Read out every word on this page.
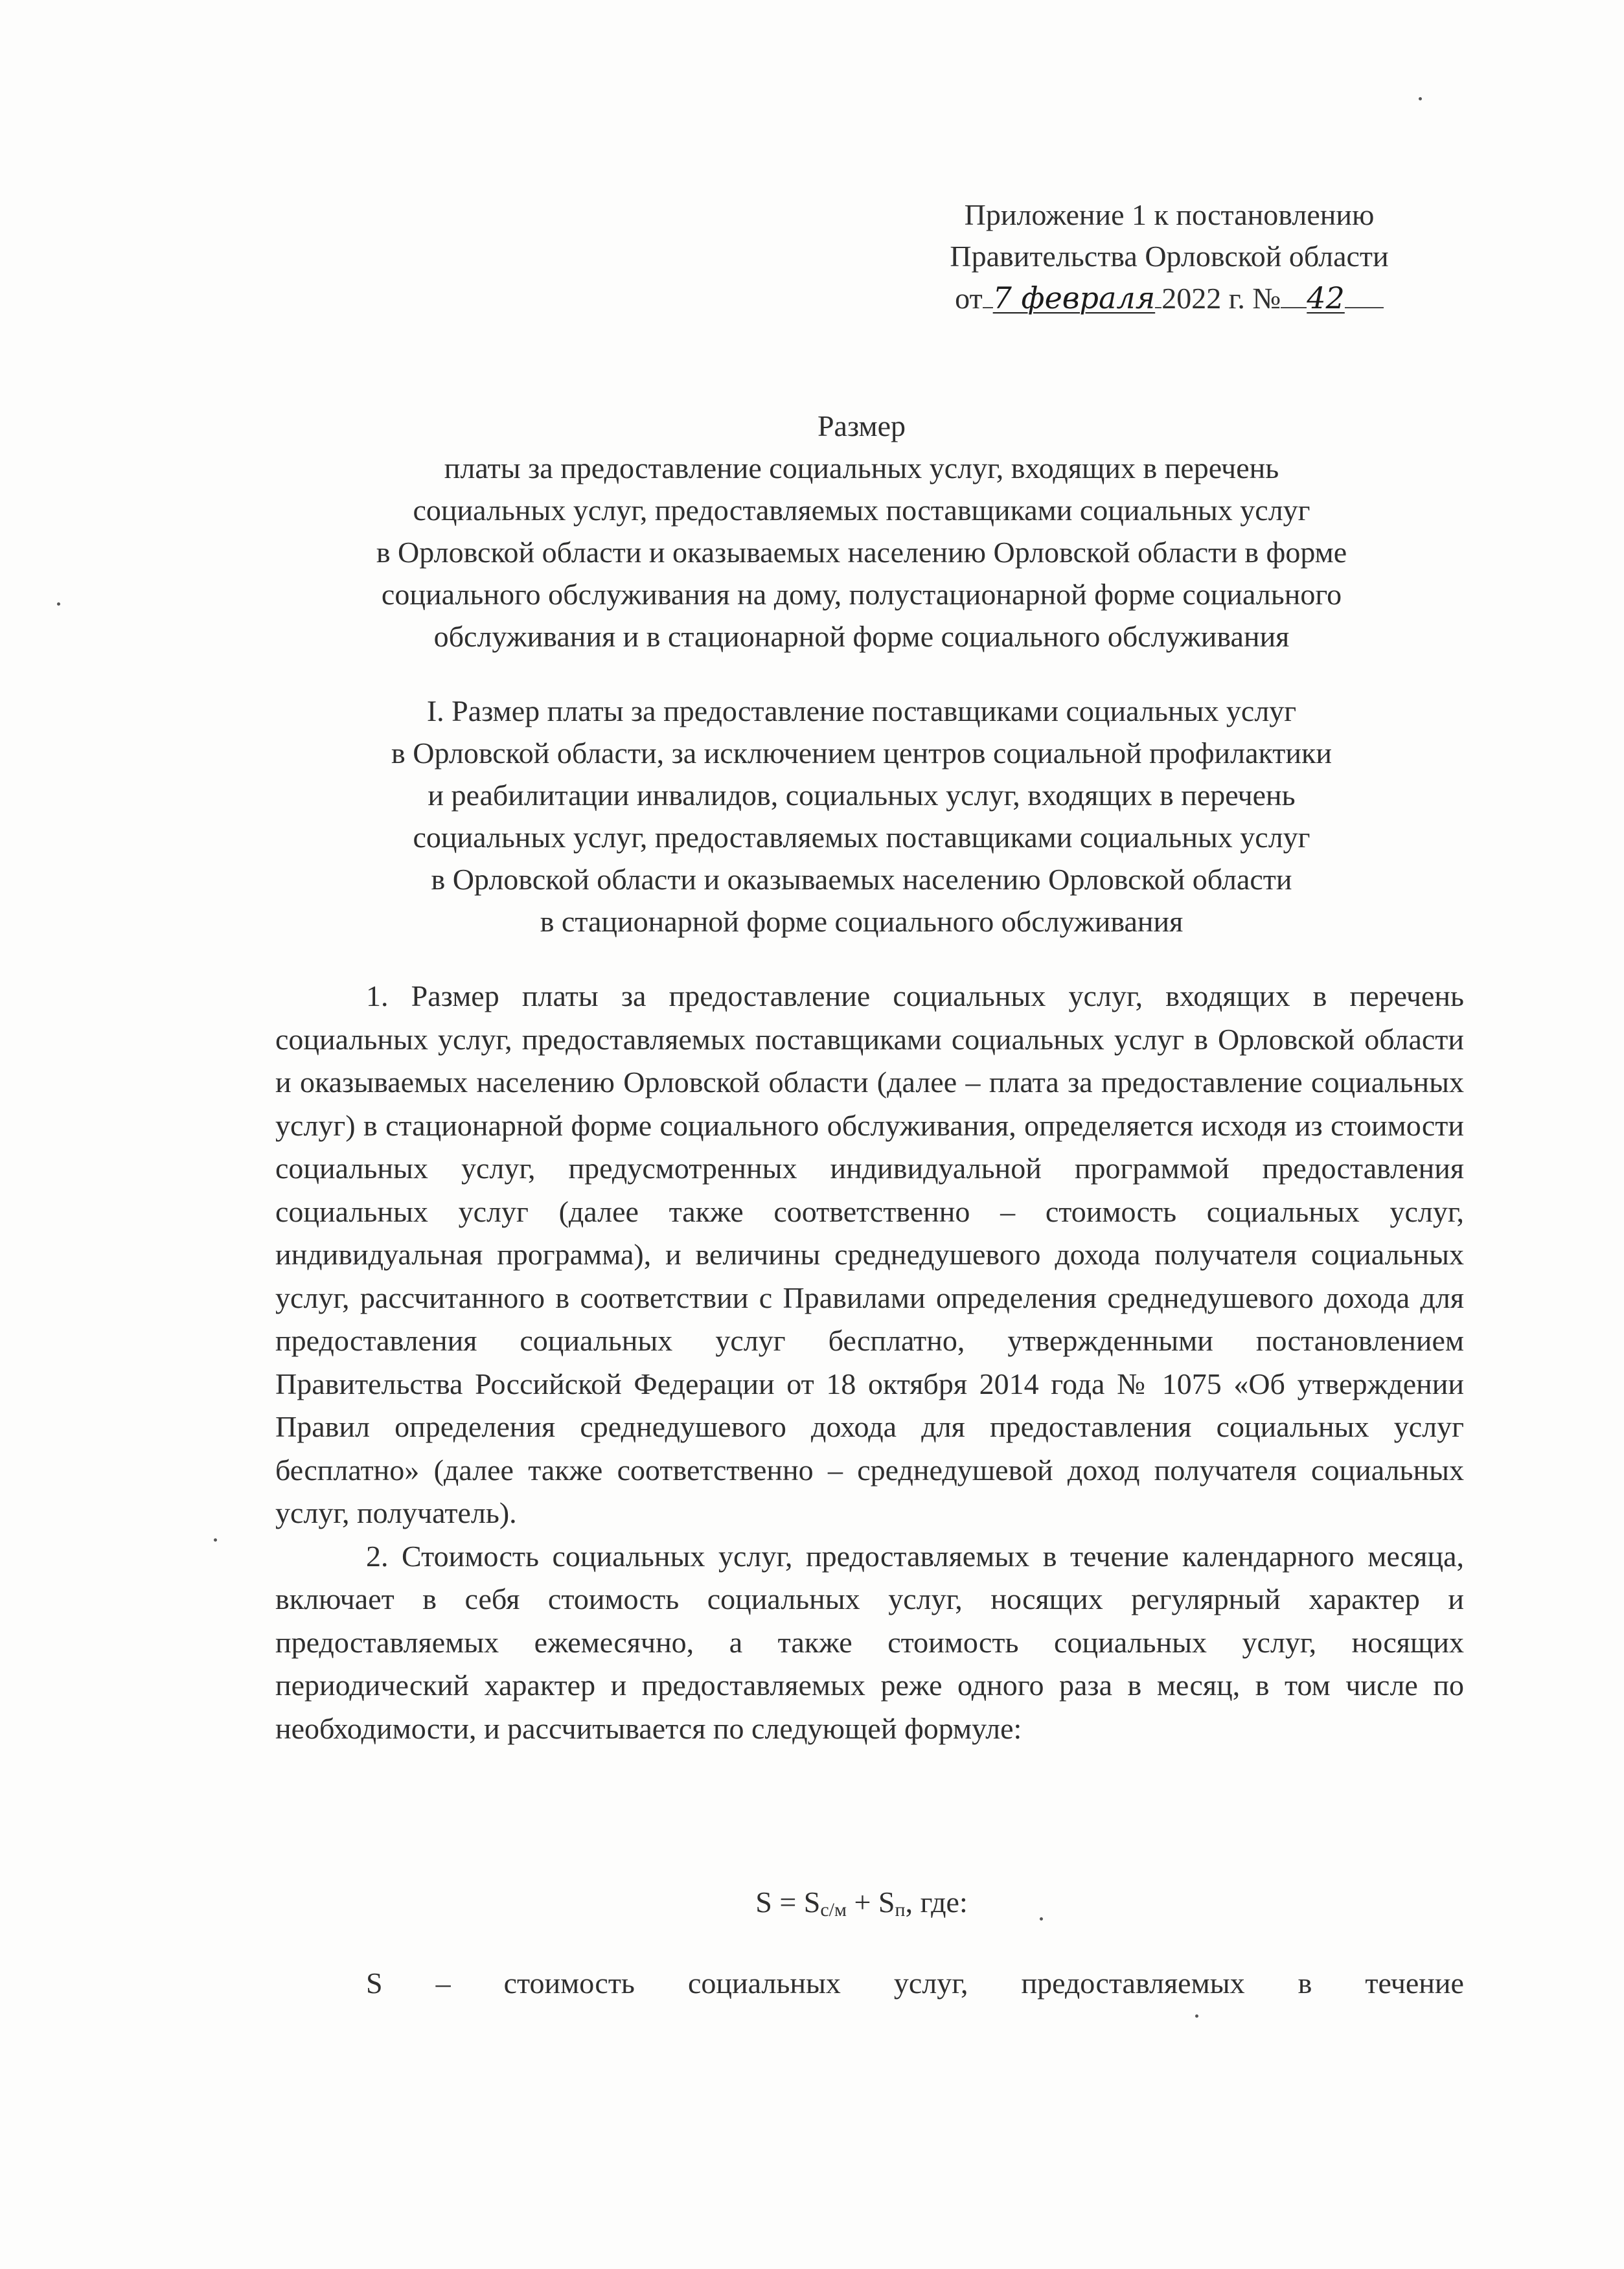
Приложение 1 к постановлению
Правительства Орловской области
от 7 февраля 2022 г. № 42
Размер
платы за предоставление социальных услуг, входящих в перечень
социальных услуг, предоставляемых поставщиками социальных услуг
в Орловской области и оказываемых населению Орловской области в форме
социального обслуживания на дому, полустационарной форме социального
обслуживания и в стационарной форме социального обслуживания
I. Размер платы за предоставление поставщиками социальных услуг
в Орловской области, за исключением центров социальной профилактики
и реабилитации инвалидов, социальных услуг, входящих в перечень
социальных услуг, предоставляемых поставщиками социальных услуг
в Орловской области и оказываемых населению Орловской области
в стационарной форме социального обслуживания

1. Размер платы за предоставление социальных услуг, входящих в перечень социальных услуг, предоставляемых поставщиками социальных услуг в Орловской области и оказываемых населению Орловской области (далее – плата за предоставление социальных услуг) в стационарной форме социального обслуживания, определяется исходя из стоимости социальных услуг, предусмотренных индивидуальной программой предоставления социальных услуг (далее также соответственно – стоимость социальных услуг, индивидуальная программа), и величины среднедушевого дохода получателя социальных услуг, рассчитанного в соответствии с Правилами определения среднедушевого дохода для предоставления социальных услуг бесплатно, утвержденными постановлением Правительства Российской Федерации от 18 октября 2014 года № 1075 «Об утверждении Правил определения среднедушевого дохода для предоставления социальных услуг бесплатно» (далее также соответственно – среднедушевой доход получателя социальных услуг, получатель).

2. Стоимость социальных услуг, предоставляемых в течение календарного месяца, включает в себя стоимость социальных услуг, носящих регулярный характер и предоставляемых ежемесячно, а также стоимость социальных услуг, носящих периодический характер и предоставляемых реже одного раза в месяц, в том числе по необходимости, и рассчитывается по следующей формуле:

$S = S_{с/м} + S_п$, где:
S – стоимость социальных услуг, предоставляемых в течение
